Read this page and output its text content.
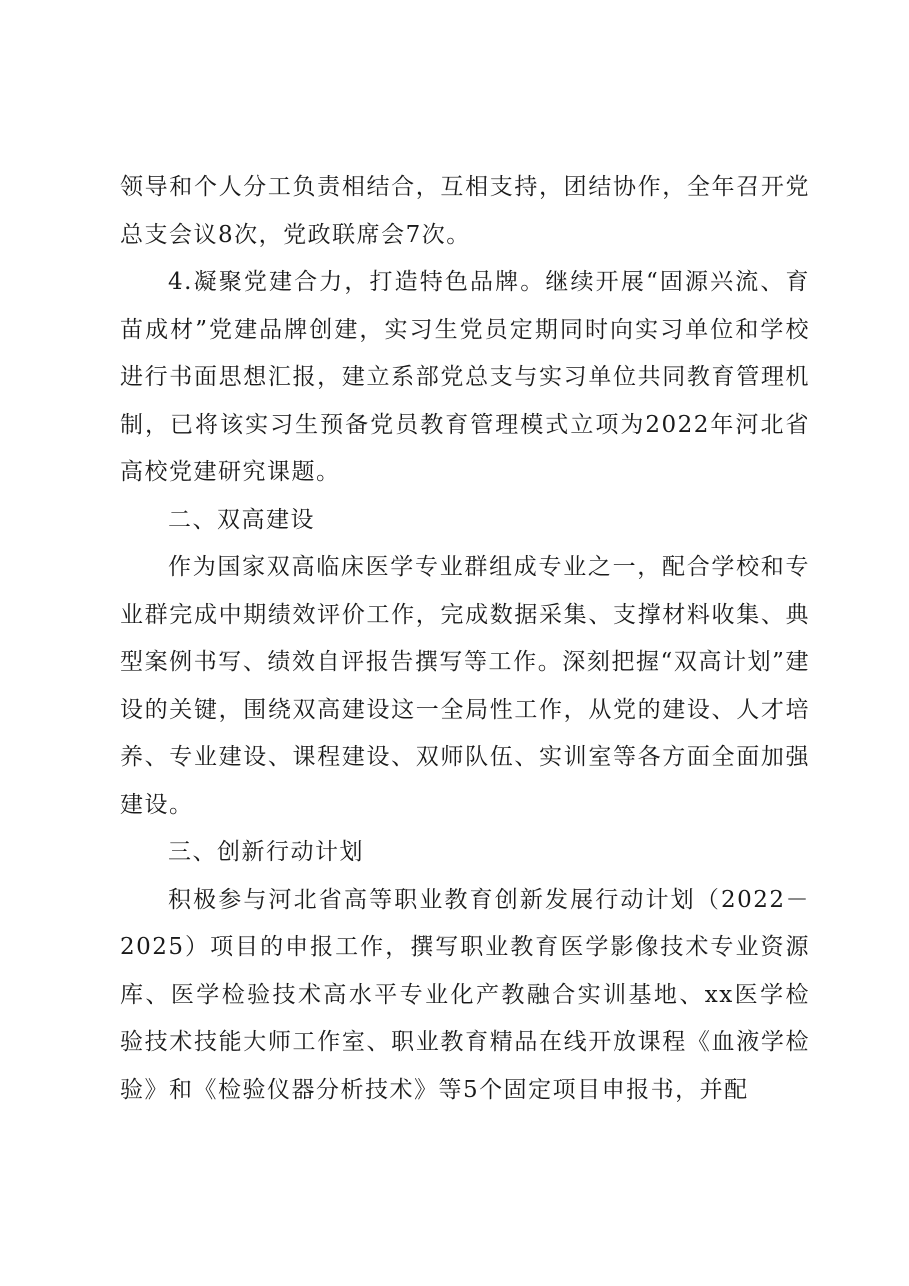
领导和个人分工负责相结合，互相支持，团结协作，全年召开党总支会议8次，党政联席会7次。

4.凝聚党建合力，打造特色品牌。继续开展“固源兴流、育苗成材”党建品牌创建，实习生党员定期同时向实习单位和学校进行书面思想汇报，建立系部党总支与实习单位共同教育管理机制，已将该实习生预备党员教育管理模式立项为2022年河北省高校党建研究课题。

二、双高建设

作为国家双高临床医学专业群组成专业之一，配合学校和专业群完成中期绩效评价工作，完成数据采集、支撑材料收集、典型案例书写、绩效自评报告撰写等工作。深刻把握“双高计划”建设的关键，围绕双高建设这一全局性工作，从党的建设、人才培养、专业建设、课程建设、双师队伍、实训室等各方面全面加强建设。

三、创新行动计划

积极参与河北省高等职业教育创新发展行动计划（2022－2025）项目的申报工作，撰写职业教育医学影像技术专业资源库、医学检验技术高水平专业化产教融合实训基地、xx医学检验技术技能大师工作室、职业教育精品在线开放课程《血液学检验》和《检验仪器分析技术》等5个固定项目申报书，并配
